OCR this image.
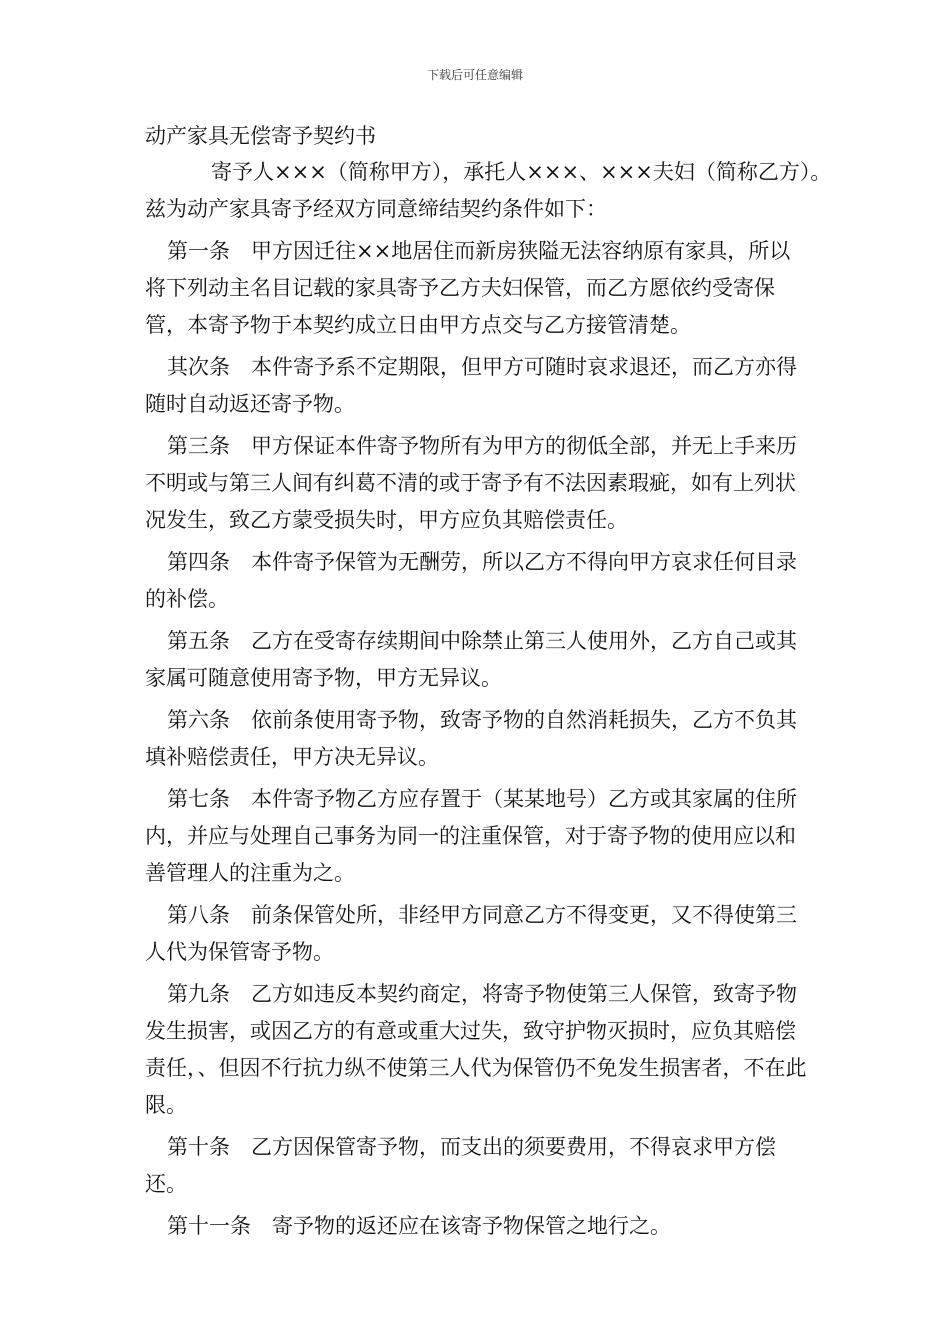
下载后可任意编辑

动产家具无偿寄予契约书

寄予人×××（简称甲方），承托人×××、×××夫妇（简称乙方）。

兹为动产家具寄予经双方同意缔结契约条件如下：

第一条 甲方因迁往××地居住而新房狭隘无法容纳原有家具，所以将下列动主名目记载的家具寄予乙方夫妇保管，而乙方愿依约受寄保管，本寄予物于本契约成立日由甲方点交与乙方接管清楚。

其次条 本件寄予系不定期限，但甲方可随时哀求退还，而乙方亦得随时自动返还寄予物。

第三条 甲方保证本件寄予物所有为甲方的彻低全部，并无上手来历不明或与第三人间有纠葛不清的或于寄予有不法因素瑕疵，如有上列状况发生，致乙方蒙受损失时，甲方应负其赔偿责任。

第四条 本件寄予保管为无酬劳，所以乙方不得向甲方哀求任何目录的补偿。

第五条 乙方在受寄存续期间中除禁止第三人使用外，乙方自己或其家属可随意使用寄予物，甲方无异议。

第六条 依前条使用寄予物，致寄予物的自然消耗损失，乙方不负其填补赔偿责任，甲方决无异议。

第七条 本件寄予物乙方应存置于（某某地号）乙方或其家属的住所内，并应与处理自己事务为同一的注重保管，对于寄予物的使用应以和善管理人的注重为之。

第八条 前条保管处所，非经甲方同意乙方不得变更，又不得使第三人代为保管寄予物。

第九条 乙方如违反本契约商定，将寄予物使第三人保管，致寄予物发生损害，或因乙方的有意或重大过失，致守护物灭损时，应负其赔偿责任，、但因不行抗力纵不使第三人代为保管仍不免发生损害者，不在此限。

第十条 乙方因保管寄予物，而支出的须要费用，不得哀求甲方偿还。

第十一条 寄予物的返还应在该寄予物保管之地行之。
